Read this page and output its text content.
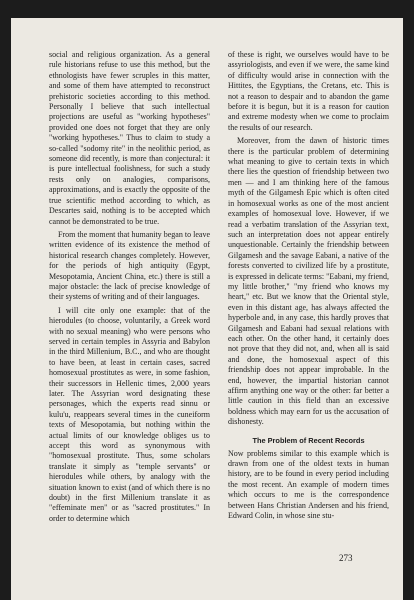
social and religious organization. As a general rule historians refuse to use this method, but the ethnologists have fewer scruples in this matter, and some of them have attempted to reconstruct prehistoric societies according to this method. Personally I believe that such intellectual projections are useful as "working hypotheses" provided one does not forget that they are only "working hypotheses." Thus to claim to study a so-called "sodomy rite" in the neolithic period, as someone did recently, is more than conjectural: it is pure intellectual foolishness, for such a study rests only on analogies, comparisons, approximations, and is exactly the opposite of the true scientific method according to which, as Descartes said, nothing is to be accepted which cannot be demonstrated to be true.

From the moment that humanity began to leave written evidence of its existence the method of historical research changes completely. However, for the periods of high antiquity (Egypt, Mesopotamia, Ancient China, etc.) there is still a major obstacle: the lack of precise knowledge of their systems of writing and of their languages.

I will cite only one example: that of the hierodules (to choose, voluntarily, a Greek word with no sexual meaning) who were persons who served in certain temples in Assyria and Babylon in the third Millenium, B.C., and who are thought to have been, at least in certain cases, sacred homosexual prostitutes as were, in some fashion, their successors in Hellenic times, 2,000 years later. The Assyrian word designating these personages, which the experts read sinnu or kulu'u, reappears several times in the cuneiform texts of Mesopotamia, but nothing within the actual limits of our knowledge obliges us to accept this word as synonymous with "homosexual prostitute. Thus, some scholars translate it simply as "temple servants" or hierodules while others, by analogy with the situation known to exist (and of which there is no doubt) in the first Millenium translate it as "effeminate men" or as "sacred prostitutes." In order to determine which

of these is right, we ourselves would have to be assyriologists, and even if we were, the same kind of difficulty would arise in connection with the Hittites, the Egyptians, the Cretans, etc. This is not a reason to despair and to abandon the game before it is begun, but it is a reason for caution and extreme modesty when we come to proclaim the results of our research.

Moreover, from the dawn of historic times there is the particular problem of determining what meaning to give to certain texts in which there lies the question of friendship between two men — and I am thinking here of the famous myth of the Gilgamesh Epic which is often cited in homosexual works as one of the most ancient examples of homosexual love. However, if we read a verbatim translation of the Assyrian text, such an interpretation does not appear entirely unquestionable. Certainly the friendship between Gilgamesh and the savage Eabani, a native of the forests converted to civilized life by a prostitute, is expressed in delicate terms: "Eabani, my friend, my little brother," "my friend who knows my heart," etc. But we know that the Oriental style, even in this distant age, has always affected the hyperbole and, in any case, this hardly proves that Gilgamesh and Eabani had sexual relations with each other. On the other hand, it certainly does not prove that they did not, and, when all is said and done, the homosexual aspect of this friendship does not appear improbable. In the end, however, the impartial historian cannot affirm anything one way or the other: far better a little caution in this field than an excessive boldness which may earn for us the accusation of dishonesty.

The Problem of Recent Records

Now problems similar to this example which is drawn from one of the oldest texts in human history, are to be found in every period including the most recent. An example of modern times which occurs to me is the correspondence between Hans Christian Andersen and his friend, Edward Colin, in whose sine stu-

273
